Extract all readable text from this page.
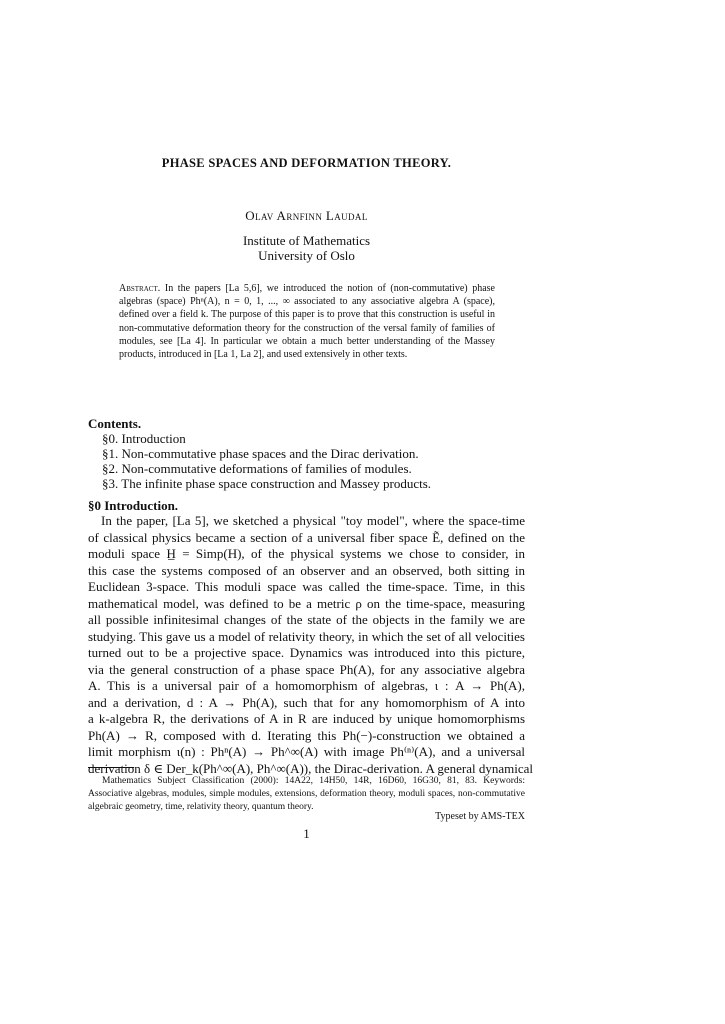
PHASE SPACES AND DEFORMATION THEORY.
Olav Arnfinn Laudal
Institute of Mathematics
University of Oslo
Abstract. In the papers [La 5,6], we introduced the notion of (non-commutative) phase algebras (space) Phⁿ(A), n = 0, 1, ..., ∞ associated to any associative algebra A (space), defined over a field k. The purpose of this paper is to prove that this construction is useful in non-commutative deformation theory for the construction of the versal family of families of modules, see [La 4]. In particular we obtain a much better understanding of the Massey products, introduced in [La 1, La 2], and used extensively in other texts.
Contents.
§0. Introduction
§1. Non-commutative phase spaces and the Dirac derivation.
§2. Non-commutative deformations of families of modules.
§3. The infinite phase space construction and Massey products.
§0 Introduction.
In the paper, [La 5], we sketched a physical "toy model", where the space-time
of classical physics became a section of a universal fiber space Ẽ, defined on the
moduli space H̲ = Simp(H), of the physical systems we chose to consider, in
this case the systems composed of an observer and an observed, both sitting in
Euclidean 3-space. This moduli space was called the time-space. Time, in this
mathematical model, was defined to be a metric ρ on the time-space, measuring
all possible infinitesimal changes of the state of the objects in the family we are
studying. This gave us a model of relativity theory, in which the set of all velocities
turned out to be a projective space. Dynamics was introduced into this picture,
via the general construction of a phase space Ph(A), for any associative algebra
A. This is a universal pair of a homomorphism of algebras, ι : A → Ph(A),
and a derivation, d : A → Ph(A), such that for any homomorphism of A into
a k-algebra R, the derivations of A in R are induced by unique homomorphisms
Ph(A) → R, composed with d. Iterating this Ph(−)-construction we obtained a
limit morphism ι(n) : Phⁿ(A) → Ph^∞(A) with image Ph⁽ⁿ⁾(A), and a universal
derivation δ ∈ Der_k(Ph^∞(A), Ph^∞(A)), the Dirac-derivation. A general dynamical
Mathematics Subject Classification (2000): 14A22, 14H50, 14R, 16D60, 16G30, 81, 83. Keywords: Associative algebras, modules, simple modules, extensions, deformation theory, moduli spaces, non-commutative algebraic geometry, time, relativity theory, quantum theory.
Typeset by AMS-TEX
1
